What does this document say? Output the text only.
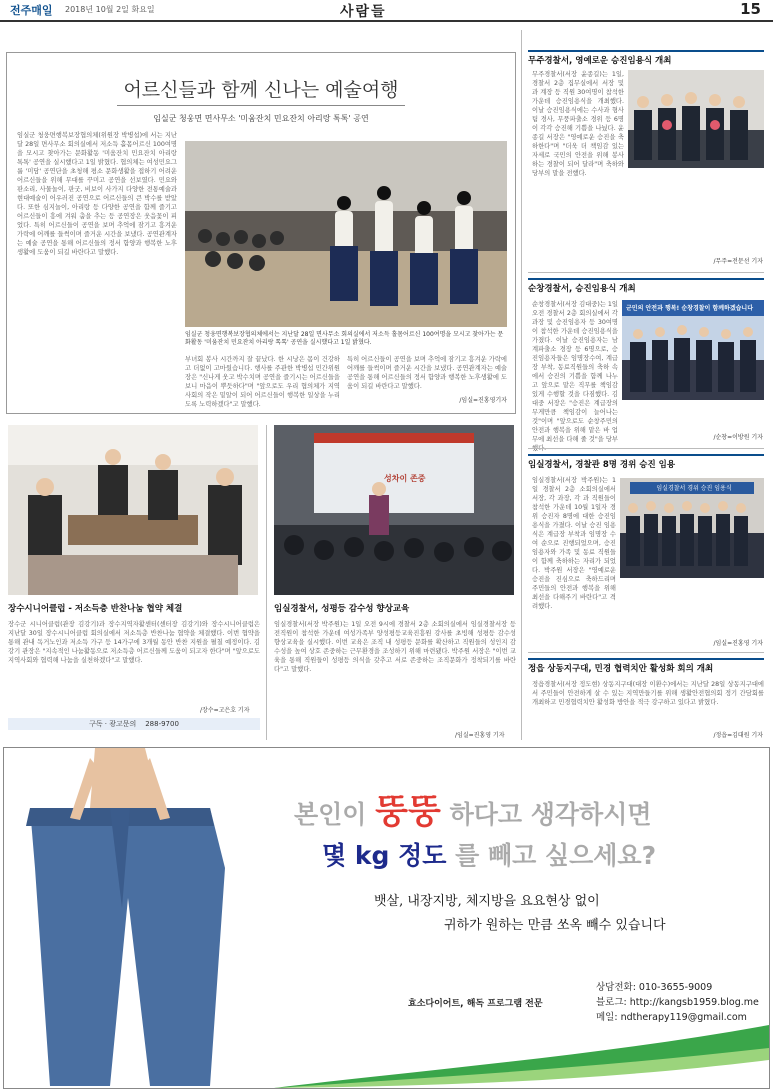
전주매일 2018년 10월 2일 화요일	사람들	15
어르신들과 함께 신나는 예술여행
임실군 청웅면 면사무소 '미움잔치 민요잔치 아리랑 톡톡' 공연
임실군 청웅면행복보장협의체(위원장 박병섭)에 서는 지난달 28일 면사무소 회의실에서 저소득 홀몸어르신 100여명을 모시고 찾아가는 문화활동 '미움잔치 민요잔치 아리랑 톡톡' 공연을 실시했다고 1일 밝혔다. 협의체는 여성민요그룹 '미담' 공연단을 초청해 평소 문화생활을 접하기 어려운 어르신들을 위해 무대를 꾸미고 공연을 선보였다. 민요와 판소리, 사물놀이, 판굿, 비보이 사가지 다양한 전통예술과 현대예술이 어우러진 공연으로 어르신들의 큰 박수를 받았다. 또한 심지놀이, 아리랑 등 다양한 공연을 함께 즐기고 어르신들이 흥에 겨워 춤을 추는 등 공연장은 웃음꽃이 피었다. 특히 어르신들이 공연을 보며 추억에 잠기고 흥겨운 가락에 어깨를 들썩이며 즐거운 시간을 보냈다. 공연관계자는 예술 공연을 통해 어르신들의 정서 함양과 행복한 노후생활에 도움이 되길 바란다고 말했다.
임실군 청웅면행복보장협의체에서는 지난달 28일 면사무소 회의실에서 저소득 홀몸어르신 100여명을 모시고 찾아가는 문화활동 '미움잔치 민요잔치 아리랑 톡톡' 공연을 실시했다고 1일 밝혔다.
부녀회 봉사 시간까지 잘 끝났다. 한 시낭은 몸이 건강하고 더없이 고마웠습니다. 행사를 주관한 박병섭 민간위원장은 "신나게 웃고 박수치며 공연을 즐기시는 어르신들을 보니 마음이 뿌듯하다"며 "앞으로도 우리 협의체가 지역사회의 작은 밑알이 되어 어르신들이 행복한 일상을 누리도록 노력하겠다"고 말했다.
특히 어르신들이 공연을 보며 추억에 잠기고 흥겨운 가락에 어깨를 들썩이며 즐거운 시간을 보냈다. 공연관계자는 예술 공연을 통해 어르신들의 정서 함양과 행복한 노후생활에 도움이 되길 바란다고 말했다.
/임실=진홍영기자
무주경찰서, 영예로운 승진임용식 개최
무주경찰서(서장 윤종길)는 1일, 경찰서 2층 집무실에서 서장 및 과 계장 등 직원 30여명이 참석한 가운데 승진임용식을 개최했다. 이날 승진임용식에는 수사과 형사팀 경사, 무풍파출소 경위 등 6명이 각각 승진해 기쁨을 나눴다. 윤종길 서장은 "영예로운 승진을 축하한다"며 "더욱 더 책임감 있는 자세로 국민의 안전을 위해 봉사하는 경찰이 되어 달라"며 축하와 당부의 말을 전했다.
/무주=전문선 기자
순창경찰서, 승진임용식 개최
순창경찰서(서장 김대중)는 1일 오전 경찰서 2층 회의실에서 각 과장 및 승진임용자 등 30여명이 참석한 가운데 승진임용식을 가졌다. 이날 승진임용자는 남계파출소 경장 등 6명으로, 승진임용자들은 임명장수여, 계급장 부착, 동료직원들의 축하 속에서 승진의 기쁨을 함께 나누고 앞으로 맡은 직무를 책임감 있게 수행할 것을 다짐했다. 김대중 서장은 "승진은 계급장의 무게만큼 책임감이 늘어나는 것"이며 "앞으로도 순창주민의 안전과 행복을 위해 맡은 바 업무에 최선을 다해 줄 것"을 당부
군민의 안전과 행복! 순창경찰이 함께하겠습니다
/순창=이방원 기자
임실경찰서, 경찰관 8명 경위 승진 임용
임실경찰서(서장 박주원)는 1일 경찰서 2층 소회의실에서 서장, 각 과장, 각 과 직원들이 참석한 가운데 10월 1일자 경위 승진자 8명에 대한 승진임용식을 가졌다. 이날 승진 임용식은 계급장 부착과 임명장 수여 순으로 진행되었으며, 승진 임용자와 가족 및 동료 직원들이 함께 축하하는 자리가 되었다. 박주원 서장은 "영예로운 승진을 진심으로 축하드리며 주민들의 안전과 행복을 위해 최선을 다해주기 바란다"고 격려했다.
임실경찰서 경위 승진 임용식
/임실=진홍영 기자
정읍 상동지구대, 민경 협력치안 활성화 회의 개최
정읍경찰서(서장 정도현) 상동지구대(대장 이환수)에서는 지난달 28일 상동지구대에서 주민들이 안전하게 살 수 있는 지역만들기를 위해 생활안전협의회 정기 간담회를 개최하고 민경협력치안 활성화 방안을 적극 강구하고 있다고 밝혔다.
/정읍=김대원 기자
장수시니어클럽 - 저소득층 반찬나눔 협약 체결
장수군 시니어클럽(관장 김강기)과 장수지역자활센터(센터장 김강기)와 장수시니어클럽은 지난달 30일 장수시니어클럽 회의실에서 저소득층 반찬나눔 협약을 체결했다. 이번 협약을 통해 관내 독거노인과 저소득 가구 등 14가구에 3개월 동안 반찬 지원을 펼칠 예정이다. 김강기 관장은 "지속적인 나눔활동으로 저소득층 어르신들께 도움이 되고자 한다"며 "앞으로도 지역사회와 협력해 나눔을 실천하겠다"고 말했다.
/장수=고은호 기자
구독 · 광고문의 288-9700
성차이 존중
임실경찰서, 성평등 감수성 향상교육
임실경찰서(서장 박주원)는 1일 오전 9시에 경찰서 2층 소회의실에서 임실경찰서장 등 전직원이 참석한 가운데 여성가족부 양성평등교육진흥원 강사를 초빙해 성평등 감수성 향상교육을 실시했다. 이번 교육은 조직 내 성평등 문화를 확산하고 직원들의 성인지 감수성을 높여 상호 존중하는 근무환경을 조성하기 위해 마련됐다. 박주원 서장은 "이번 교육을 통해 직원들이 성평등 의식을 갖추고 서로 존중하는 조직문화가 정착되기를 바란다"고 말했다.
/임실=진홍영 기자
본인이 뚱뚱 하다고 생각하시면
몇 kg 정도 를 빼고 싶으세요?
뱃살, 내장지방, 체지방을 요요현상 없이
귀하가 원하는 만큼 쏘옥 빼수 있습니다
효소다이어트, 해독 프로그램 전문
상담전화: 010-3655-9009
블로그: http://kangsb1959.blog.me
메일: ndtherapy119@gmail.com
